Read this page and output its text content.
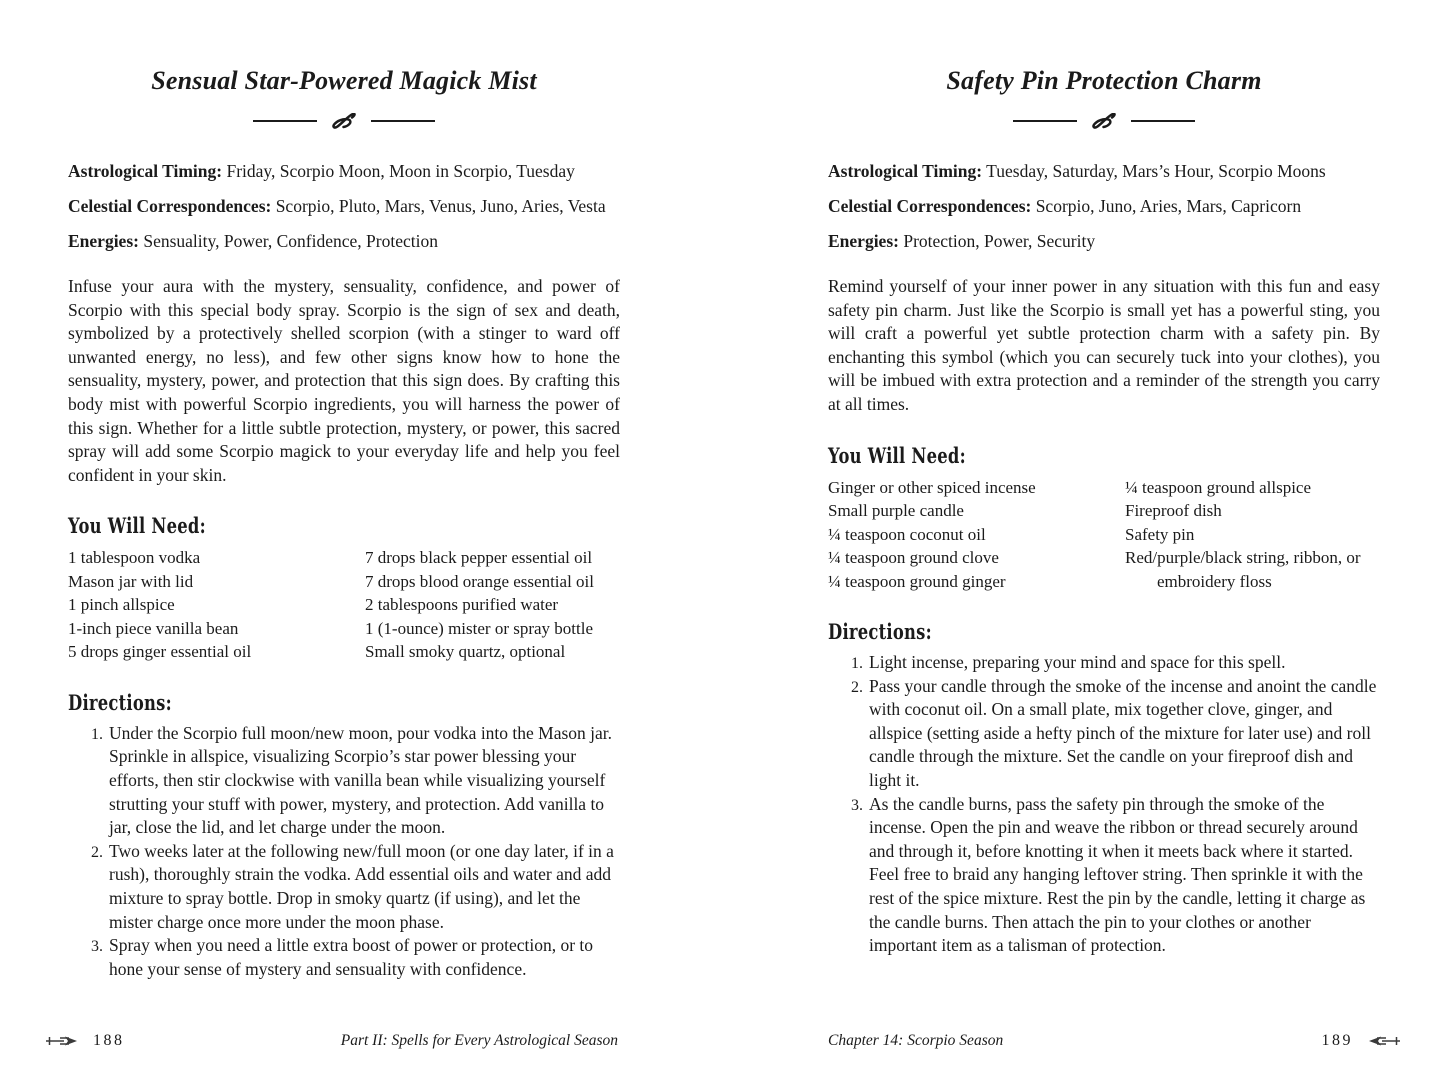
Sensual Star-Powered Magick Mist

Astrological Timing: Friday, Scorpio Moon, Moon in Scorpio, Tuesday

Celestial Correspondences: Scorpio, Pluto, Mars, Venus, Juno, Aries, Vesta

Energies: Sensuality, Power, Confidence, Protection

Infuse your aura with the mystery, sensuality, confidence, and power of Scorpio with this special body spray. Scorpio is the sign of sex and death, symbolized by a protectively shelled scorpion (with a stinger to ward off unwanted energy, no less), and few other signs know how to hone the sensuality, mystery, power, and protection that this sign does. By crafting this body mist with powerful Scorpio ingredients, you will harness the power of this sign. Whether for a little subtle protection, mystery, or power, this sacred spray will add some Scorpio magick to your everyday life and help you feel confident in your skin.

You Will Need:
1 tablespoon vodka
Mason jar with lid
1 pinch allspice
1-inch piece vanilla bean
5 drops ginger essential oil
7 drops black pepper essential oil
7 drops blood orange essential oil
2 tablespoons purified water
1 (1-ounce) mister or spray bottle
Small smoky quartz, optional
Directions:
1. Under the Scorpio full moon/new moon, pour vodka into the Mason jar. Sprinkle in allspice, visualizing Scorpio’s star power blessing your efforts, then stir clockwise with vanilla bean while visualizing yourself strutting your stuff with power, mystery, and protection. Add vanilla to jar, close the lid, and let charge under the moon.
2. Two weeks later at the following new/full moon (or one day later, if in a rush), thoroughly strain the vodka. Add essential oils and water and add mixture to spray bottle. Drop in smoky quartz (if using), and let the mister charge once more under the moon phase.
3. Spray when you need a little extra boost of power or protection, or to hone your sense of mystery and sensuality with confidence.
Safety Pin Protection Charm

Astrological Timing: Tuesday, Saturday, Mars’s Hour, Scorpio Moons

Celestial Correspondences: Scorpio, Juno, Aries, Mars, Capricorn

Energies: Protection, Power, Security

Remind yourself of your inner power in any situation with this fun and easy safety pin charm. Just like the Scorpio is small yet has a powerful sting, you will craft a powerful yet subtle protection charm with a safety pin. By enchanting this symbol (which you can securely tuck into your clothes), you will be imbued with extra protection and a reminder of the strength you carry at all times.

You Will Need:
Ginger or other spiced incense
Small purple candle
¼ teaspoon coconut oil
¼ teaspoon ground clove
¼ teaspoon ground ginger
¼ teaspoon ground allspice
Fireproof dish
Safety pin
Red/purple/black string, ribbon, or embroidery floss
Directions:
1. Light incense, preparing your mind and space for this spell.
2. Pass your candle through the smoke of the incense and anoint the candle with coconut oil. On a small plate, mix together clove, ginger, and allspice (setting aside a hefty pinch of the mixture for later use) and roll candle through the mixture. Set the candle on your fireproof dish and light it.
3. As the candle burns, pass the safety pin through the smoke of the incense. Open the pin and weave the ribbon or thread securely around and through it, before knotting it when it meets back where it started. Feel free to braid any hanging leftover string. Then sprinkle it with the rest of the spice mixture. Rest the pin by the candle, letting it charge as the candle burns. Then attach the pin to your clothes or another important item as a talisman of protection.
188	Part II: Spells for Every Astrological Season	Chapter 14: Scorpio Season	189
